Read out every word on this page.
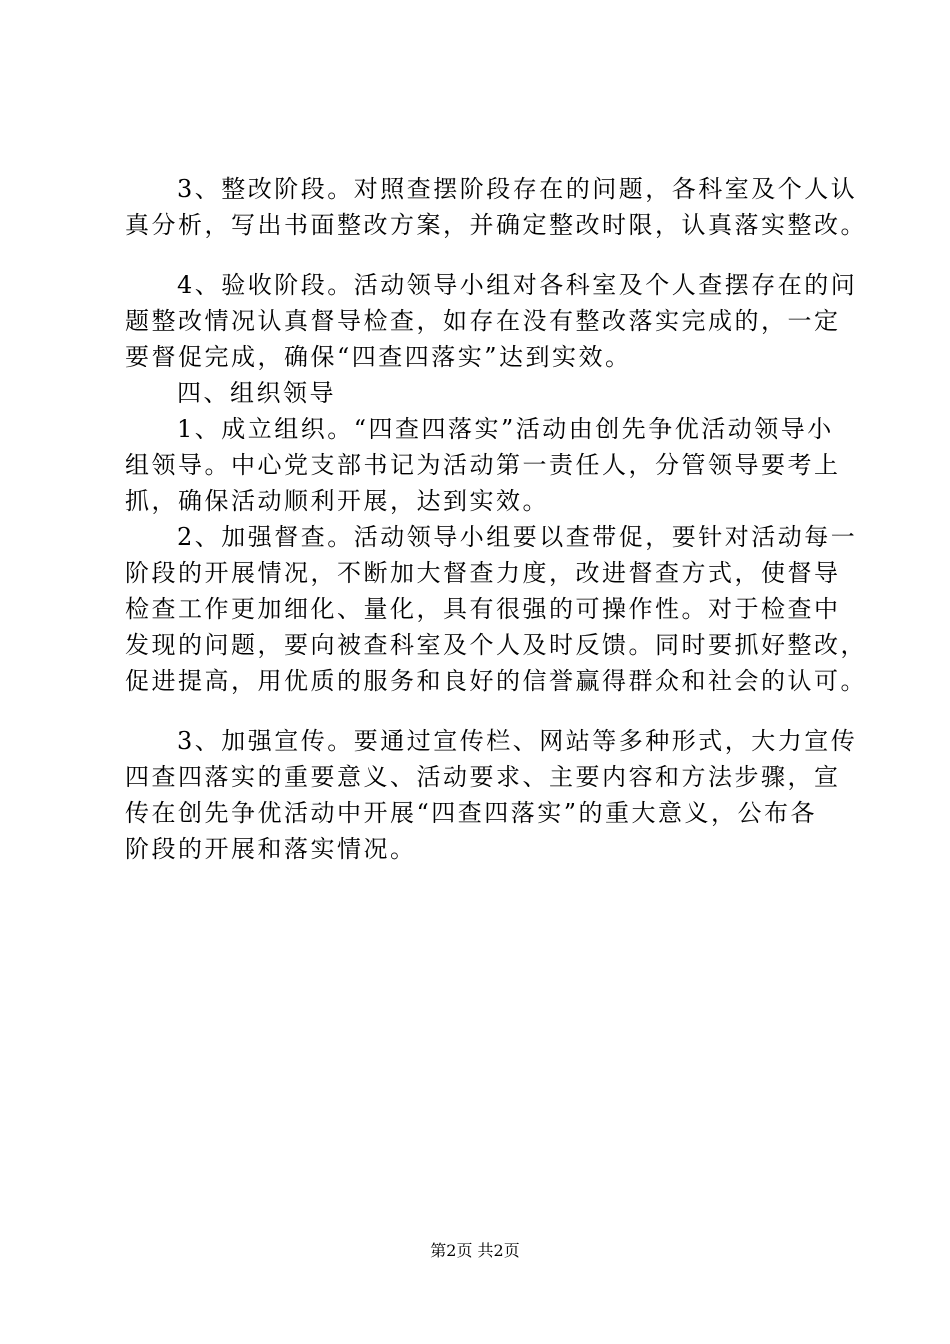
3、整改阶段。对照查摆阶段存在的问题，各科室及个人认
真分析，写出书面整改方案，并确定整改时限，认真落实整改。

4、验收阶段。活动领导小组对各科室及个人查摆存在的问
题整改情况认真督导检查，如存在没有整改落实完成的，一定
要督促完成，确保“四查四落实”达到实效。

四、组织领导

1、成立组织。“四查四落实”活动由创先争优活动领导小
组领导。中心党支部书记为活动第一责任人，分管领导要考上
抓，确保活动顺利开展，达到实效。

2、加强督查。活动领导小组要以查带促，要针对活动每一
阶段的开展情况，不断加大督查力度，改进督查方式，使督导
检查工作更加细化、量化，具有很强的可操作性。对于检查中
发现的问题，要向被查科室及个人及时反馈。同时要抓好整改，
促进提高，用优质的服务和良好的信誉赢得群众和社会的认可。

3、加强宣传。要通过宣传栏、网站等多种形式，大力宣传
四查四落实的重要意义、活动要求、主要内容和方法步骤，宣
传在创先争优活动中开展“四查四落实”的重大意义，公布各
阶段的开展和落实情况。

第2页 共2页
